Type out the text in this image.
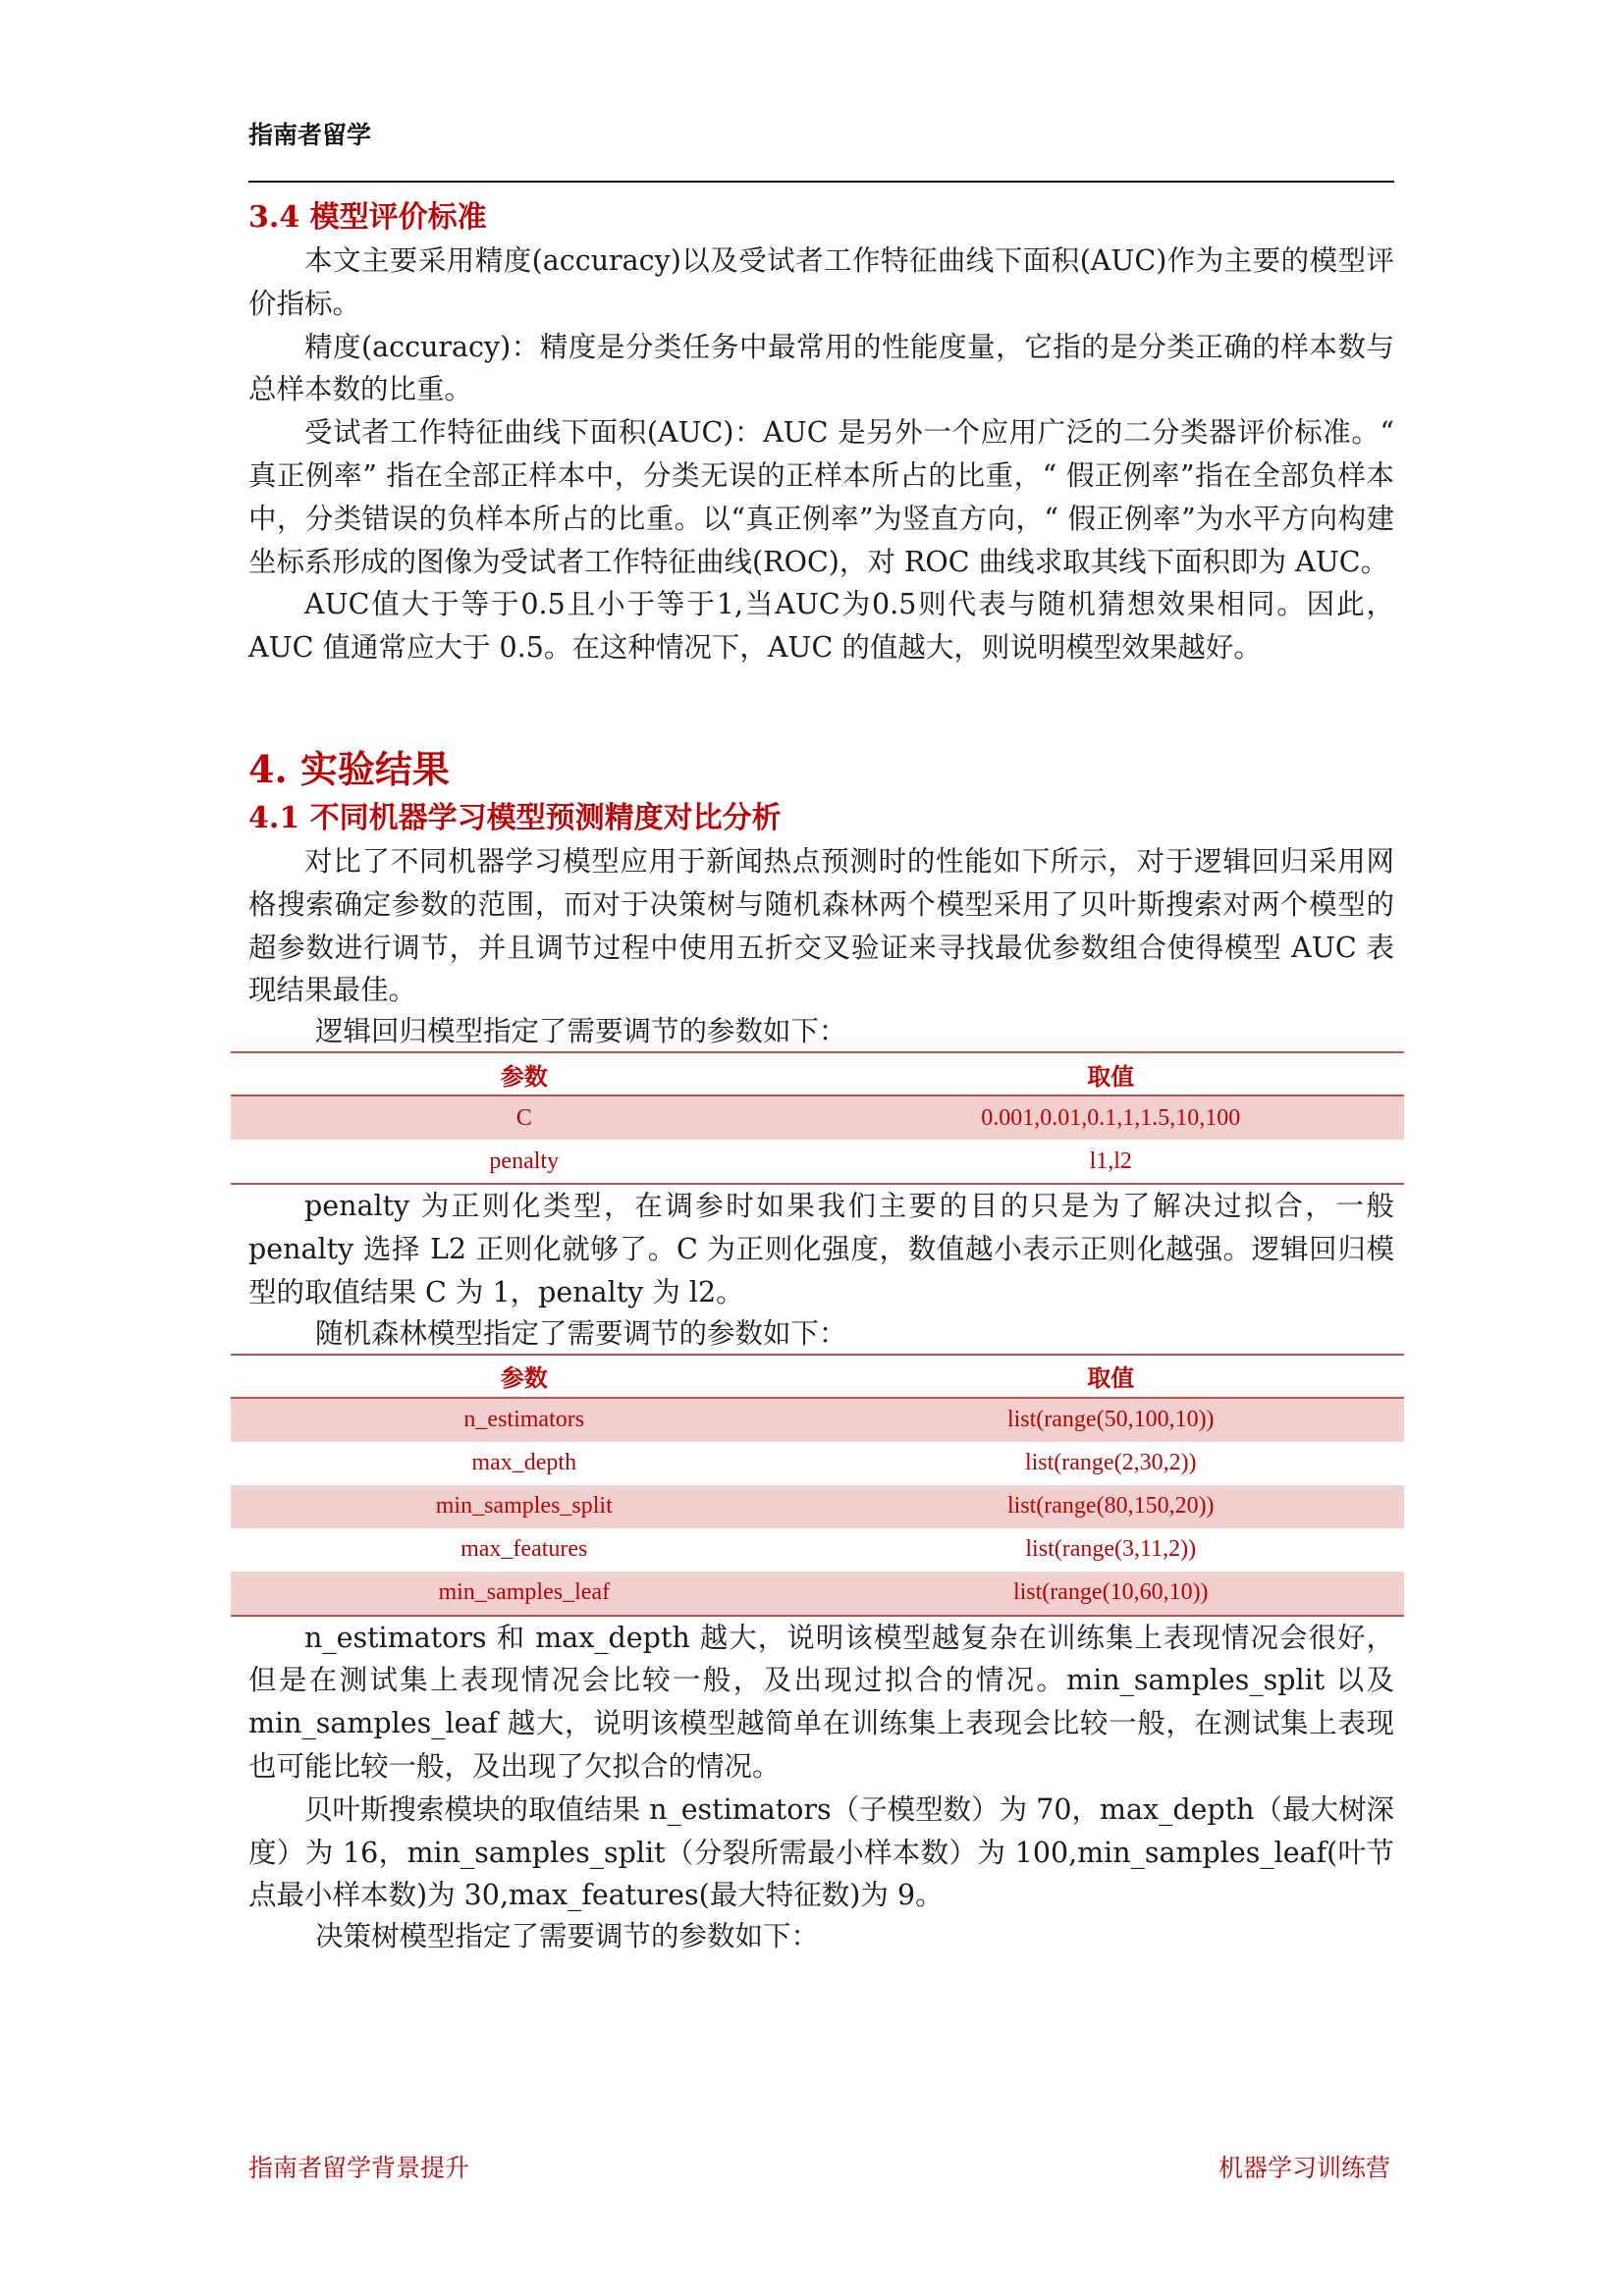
指南者留学
3.4 模型评价标准

本文主要采用精度(accuracy)以及受试者工作特征曲线下面积(AUC)作为主要的模型评价指标。

精度(accuracy)：精度是分类任务中最常用的性能度量，它指的是分类正确的样本数与总样本数的比重。

受试者工作特征曲线下面积(AUC)：AUC 是另外一个应用广泛的二分类器评价标准。“ 真正例率” 指在全部正样本中，分类无误的正样本所占的比重，“ 假正例率”指在全部负样本中，分类错误的负样本所占的比重。以“真正例率”为竖直方向，“ 假正例率”为水平方向构建坐标系形成的图像为受试者工作特征曲线(ROC)，对 ROC 曲线求取其线下面积即为 AUC。

AUC值大于等于0.5且小于等于1,当AUC为0.5则代表与随机猜想效果相同。因此，AUC 值通常应大于 0.5。在这种情况下，AUC 的值越大，则说明模型效果越好。

4. 实验结果
4.1 不同机器学习模型预测精度对比分析

对比了不同机器学习模型应用于新闻热点预测时的性能如下所示，对于逻辑回归采用网格搜索确定参数的范围，而对于决策树与随机森林两个模型采用了贝叶斯搜索对两个模型的超参数进行调节，并且调节过程中使用五折交叉验证来寻找最优参数组合使得模型 AUC 表现结果最佳。

逻辑回归模型指定了需要调节的参数如下：

参数	取值
C	0.001,0.01,0.1,1,1.5,10,100
penalty	l1,l2

penalty 为正则化类型，在调参时如果我们主要的目的只是为了解决过拟合，一般 penalty 选择 L2 正则化就够了。C 为正则化强度，数值越小表示正则化越强。逻辑回归模型的取值结果 C 为 1，penalty 为 l2。

随机森林模型指定了需要调节的参数如下：

参数	取值
n_estimators	list(range(50,100,10))
max_depth	list(range(2,30,2))
min_samples_split	list(range(80,150,20))
max_features	list(range(3,11,2))
min_samples_leaf	list(range(10,60,10))

n_estimators 和 max_depth 越大，说明该模型越复杂在训练集上表现情况会很好，但是在测试集上表现情况会比较一般，及出现过拟合的情况。min_samples_split 以及 min_samples_leaf 越大，说明该模型越简单在训练集上表现会比较一般，在测试集上表现也可能比较一般，及出现了欠拟合的情况。

贝叶斯搜索模块的取值结果 n_estimators（子模型数）为 70，max_depth（最大树深度）为 16，min_samples_split（分裂所需最小样本数）为 100,min_samples_leaf(叶节点最小样本数)为 30,max_features(最大特征数)为 9。

决策树模型指定了需要调节的参数如下：

指南者留学背景提升	机器学习训练营
